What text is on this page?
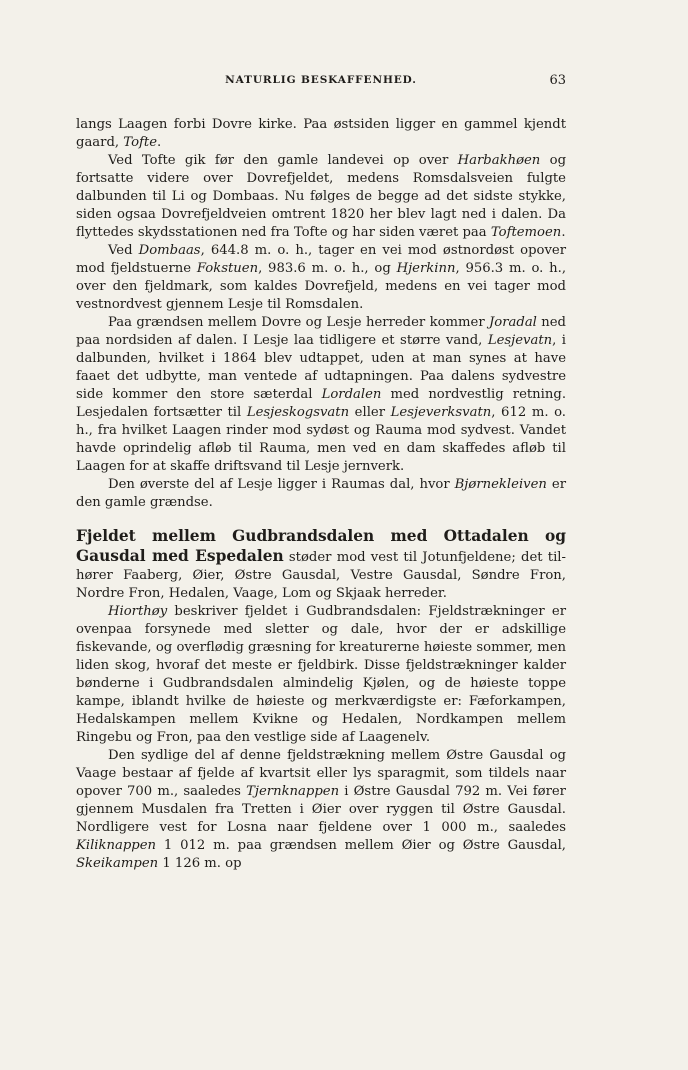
NATURLIG BESKAFFENHED.	63

langs Laagen forbi Dovre kirke. Paa østsiden ligger en gammel kjendt gaard, Tofte.

Ved Tofte gik før den gamle landevei op over Harbakhøen og fortsatte videre over Dovrefjeldet, medens Romsdalsveien fulgte dalbunden til Li og Dombaas. Nu følges de begge ad det sidste stykke, siden ogsaa Dovrefjeldveien omtrent 1820 her blev lagt ned i dalen. Da flyttedes skydsstationen ned fra Tofte og har siden været paa Toftemoen.

Ved Dombaas, 644.8 m. o. h., tager en vei mod østnordøst opover mod fjeldstuerne Fokstuen, 983.6 m. o. h., og Hjerkinn, 956.3 m. o. h., over den fjeldmark, som kaldes Dovrefjeld, medens en vei tager mod vestnordvest gjennem Lesje til Romsdalen.

Paa grændsen mellem Dovre og Lesje herreder kommer Joradal ned paa nordsiden af dalen. I Lesje laa tidligere et større vand, Lesjevatn, i dalbunden, hvilket i 1864 blev udtappet, uden at man synes at have faaet det udbytte, man ventede af udtapningen. Paa dalens sydvestre side kommer den store sæterdal Lordalen med nordvestlig retning. Lesjedalen fortsætter til Lesjeskogsvatn eller Lesjeverksvatn, 612 m. o. h., fra hvilket Laagen rinder mod sydøst og Rauma mod sydvest. Vandet havde oprindelig afløb til Rauma, men ved en dam skaffedes afløb til Laagen for at skaffe driftsvand til Lesje jernverk.

Den øverste del af Lesje ligger i Raumas dal, hvor Bjørnekleiven er den gamle grændse.

Fjeldet mellem Gudbrandsdalen med Ottadalen og Gausdal med Espedalen støder mod vest til Jotunfjeldene; det tilhører Faaberg, Øier, Østre Gausdal, Vestre Gausdal, Søndre Fron, Nordre Fron, Hedalen, Vaage, Lom og Skjaak herreder.

Hiorthøy beskriver fjeldet i Gudbrandsdalen: Fjeldstrækninger er ovenpaa forsynede med sletter og dale, hvor der er adskillige fiskevande, og overflødig græsning for kreaturerne høieste sommer, men liden skog, hvoraf det meste er fjeldbirk. Disse fjeldstrækninger kalder bønderne i Gudbrandsdalen almindelig Kjølen, og de høieste toppe kampe, iblandt hvilke de høieste og merkværdigste er: Fæforkampen, Hedalskampen mellem Kvikne og Hedalen, Nordkampen mellem Ringebu og Fron, paa den vestlige side af Laagenelv.

Den sydlige del af denne fjeldstrækning mellem Østre Gausdal og Vaage bestaar af fjelde af kvartsit eller lys sparagmit, som tildels naar opover 700 m., saaledes Tjernknappen i Østre Gausdal 792 m. Vei fører gjennem Musdalen fra Tretten i Øier over ryggen til Østre Gausdal. Nordligere vest for Losna naar fjeldene over 1 000 m., saaledes Kiliknappen 1 012 m. paa grændsen mellem Øier og Østre Gausdal, Skeikampen 1 126 m. op
